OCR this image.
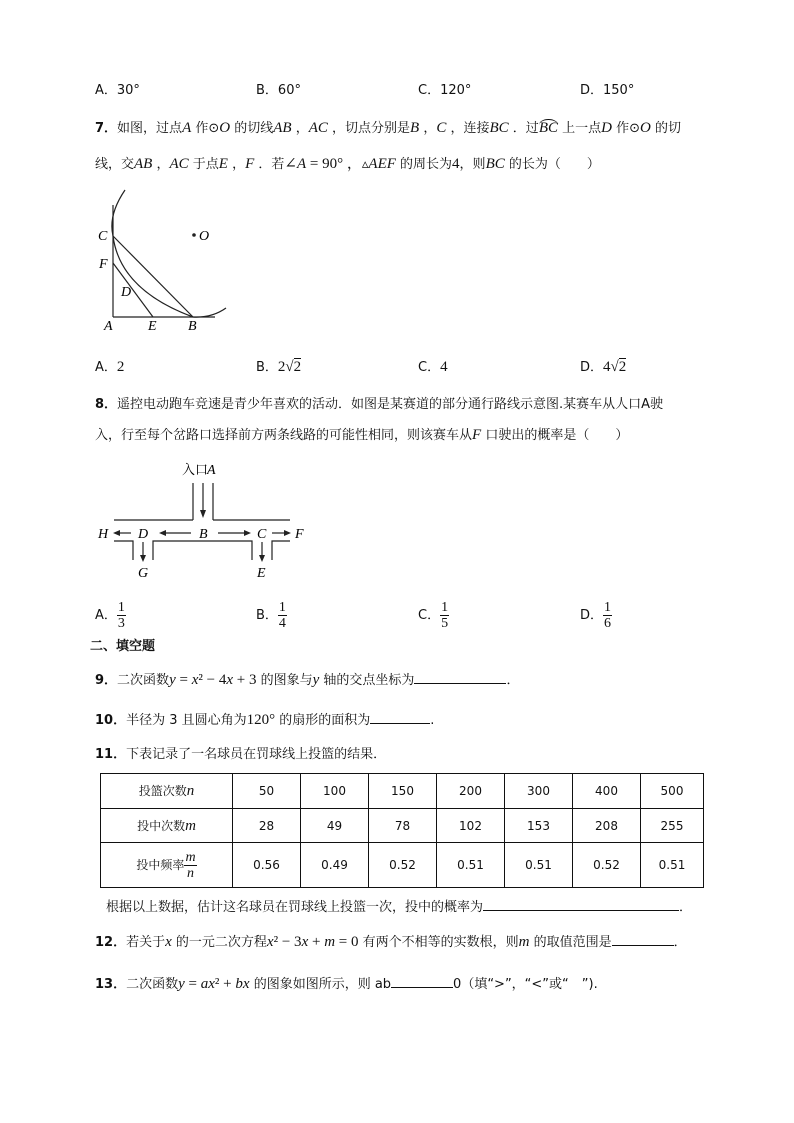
A．30°	B．60°	C．120°	D．150°
7．如图，过点A 作⊙O 的切线AB ，AC ，切点分别是B ，C ，连接BC ．过BC 上一点D 作⊙O 的切
线，交AB ，AC 于点E ，F ．若∠A = 90° ，▵AEF 的周长为4，则BC 的长为（　　）
C	O
F
D
A	E B
入口
A
H D	B	C F
G	E
A．2	B．2√2	C．4	D．4√2
8．遥控电动跑车竞速是青少年喜欢的活动．如图是某赛道的部分通行路线示意图.某赛车从人口A驶
入，行至每个岔路口选择前方两条线路的可能性相同，则该赛车从F 口驶出的概率是（　　）
A． $\frac{1}{3}$	B． $\frac{1}{4}$	C． $\frac{1}{5}$	D． $\frac{1}{6}$
二、填空题
9．二次函数y = x² − 4x + 3 的图象与y 轴的交点坐标为	．
10．半径为 3 且圆心角为120° 的扇形的面积为	.
11．下表记录了一名球员在罚球线上投篮的结果．
投篮次数n	50	100	150	200	300	400	500
投中次数m	28	49	78	102	153	208	255
投中频率 $\frac{m}{n}$	0.56	0.49	0.52	0.51	0.51	0.52	0.51
根据以上数据，估计这名球员在罚球线上投篮一次，投中的概率为	．
12．若关于x 的一元二次方程x² − 3x + m = 0 有两个不相等的实数根，则m 的取值范围是	．
13．二次函数y = ax² + bx 的图象如图所示，则 ab	0（填“>”，“<”或“　”).
